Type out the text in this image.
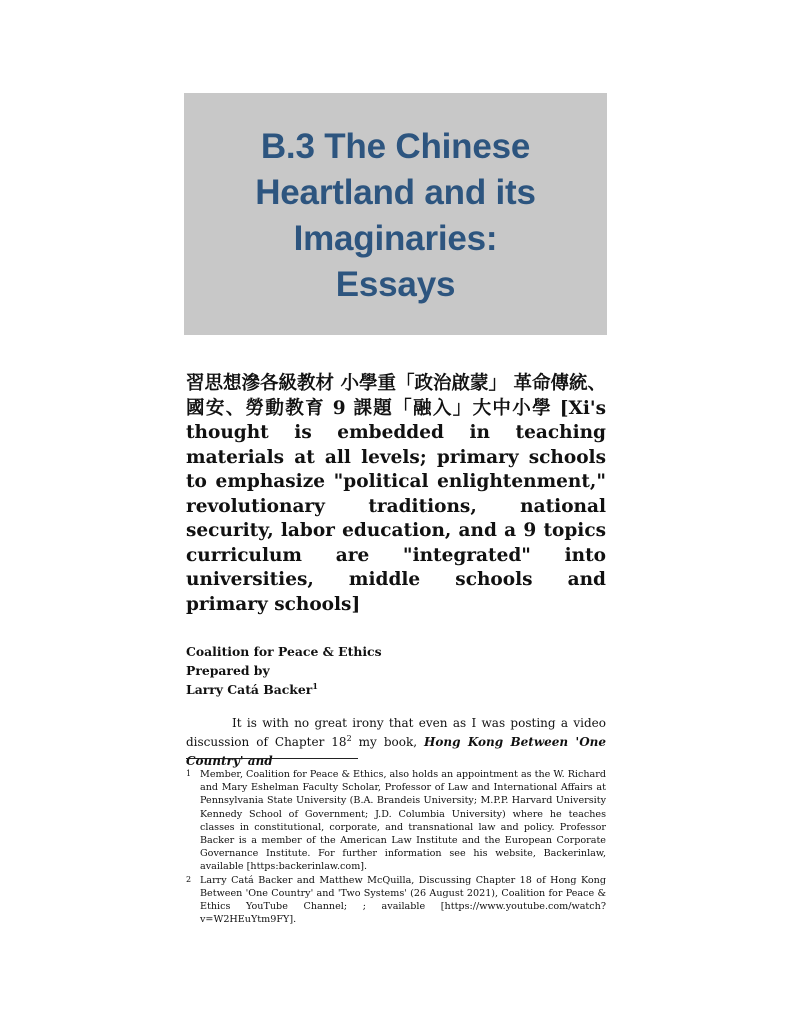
B.3 The Chinese
Heartland and its
Imaginaries:
Essays
習思想滲各級教材 小學重「政治啟蒙」 革命傳統、國安、勞動教育 9 課題「融入」大中小學 [Xi's thought is embedded in teaching materials at all levels; primary schools to emphasize "political enlightenment," revolutionary traditions, national security, labor education, and a 9 topics curriculum are "integrated" into universities, middle schools and primary schools]
Coalition for Peace & Ethics
Prepared by
Larry Catá Backer$^1$

It is with no great irony that even as I was posting a video discussion of Chapter $18^2$ my book, Hong Kong Between 'One Country' and

1 Member, Coalition for Peace & Ethics, also holds an appointment as the W. Richard and Mary Eshelman Faculty Scholar, Professor of Law and International Affairs at Pennsylvania State University (B.A. Brandeis University; M.P.P. Harvard University Kennedy School of Government; J.D. Columbia University) where he teaches classes in constitutional, corporate, and transnational law and policy. Professor Backer is a member of the American Law Institute and the European Corporate Governance Institute. For further information see his website, Backerinlaw, available [https:backerinlaw.com].
2 Larry Catá Backer and Matthew McQuilla, Discussing Chapter 18 of Hong Kong Between 'One Country' and 'Two Systems' (26 August 2021), Coalition for Peace & Ethics YouTube Channel; ; available [https://www.youtube.com/watch?v=W2HEuYtm9FY].
